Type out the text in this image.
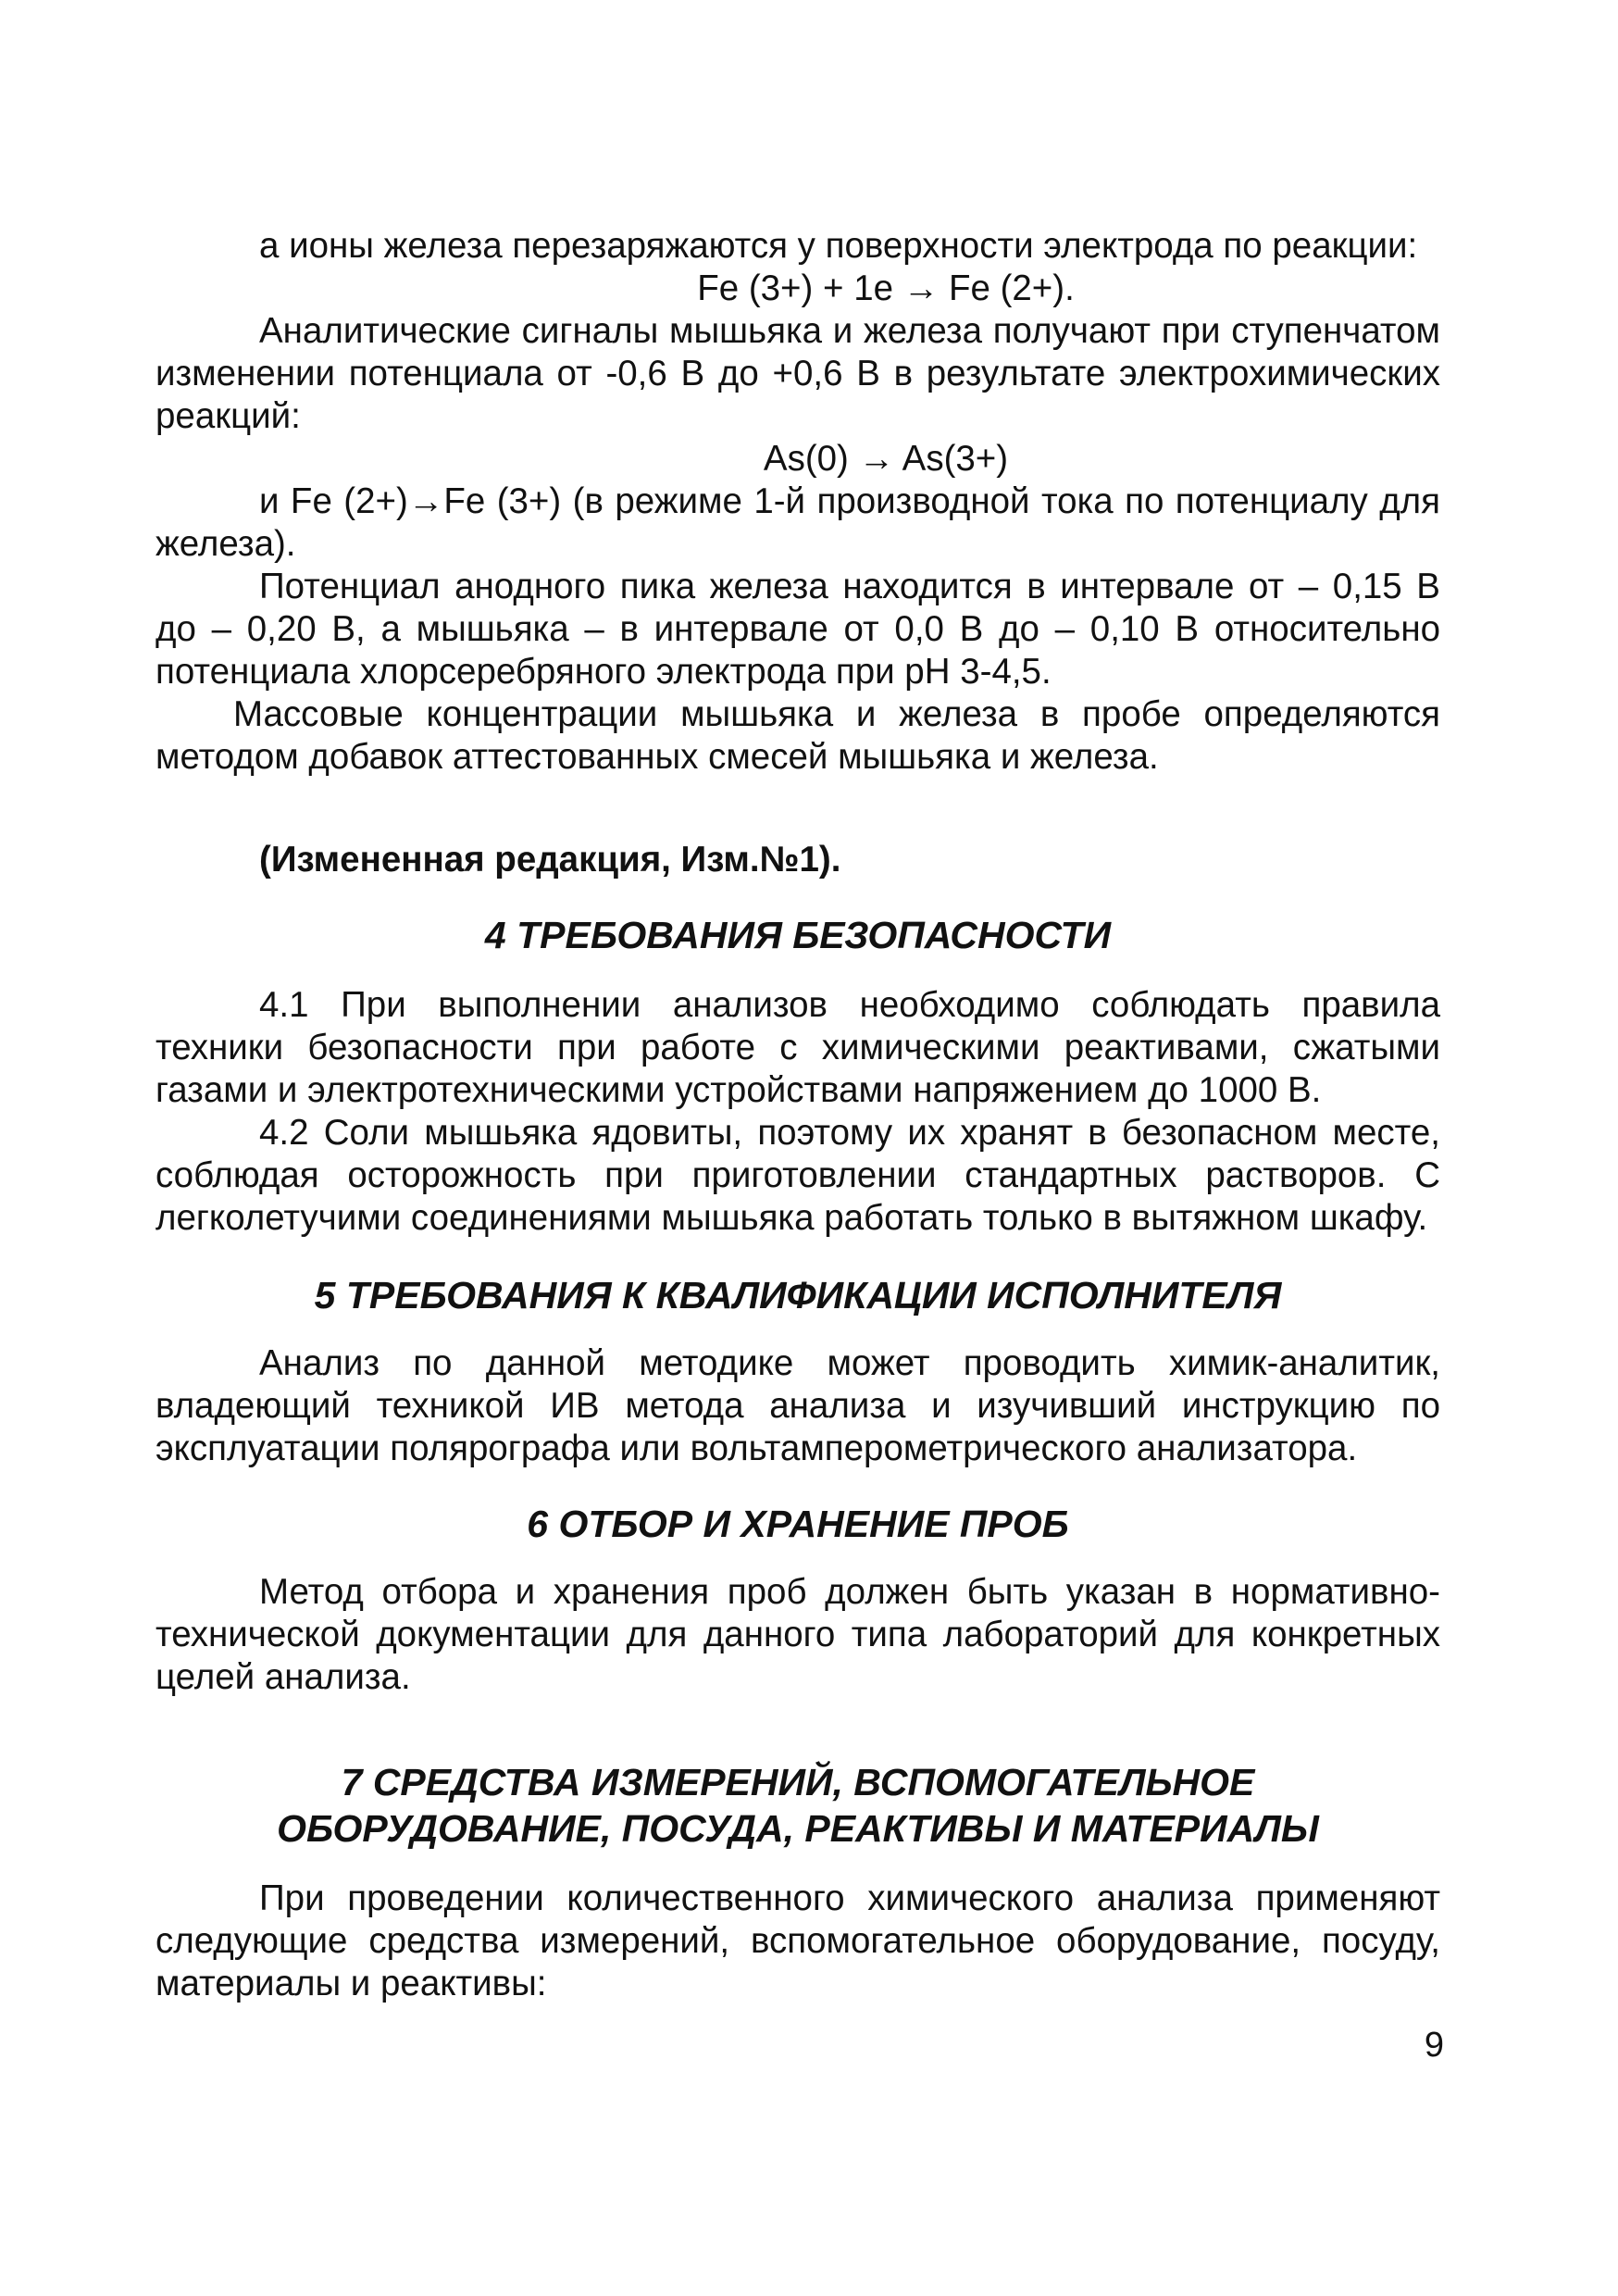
а ионы железа перезаряжаются у поверхности электрода по реакции:

Fe (3+) + 1e → Fe (2+).

Аналитические сигналы мышьяка и железа получают при ступенчатом изменении потенциала от -0,6 В до +0,6 В в результате электрохимических реакций:

As(0) → As(3+)

и Fe (2+)→Fe (3+) (в режиме 1-й производной тока по потенциалу для железа).

Потенциал анодного пика железа находится в интервале от – 0,15 В до – 0,20 В, а мышьяка – в интервале от 0,0 В до – 0,10 В относительно потенциала хлорсеребряного электрода при pH 3-4,5.

Массовые концентрации мышьяка и железа в пробе определяются методом добавок аттестованных смесей мышьяка и железа.

(Измененная редакция, Изм.№1).

4 ТРЕБОВАНИЯ БЕЗОПАСНОСТИ

4.1 При выполнении анализов необходимо соблюдать правила техники безопасности при работе с химическими реактивами, сжатыми газами и электротехническими устройствами напряжением до 1000 В.

4.2 Соли мышьяка ядовиты, поэтому их хранят в безопасном месте, соблюдая осторожность при приготовлении стандартных растворов. С легколетучими соединениями мышьяка работать только в вытяжном шкафу.

5 ТРЕБОВАНИЯ К КВАЛИФИКАЦИИ ИСПОЛНИТЕЛЯ

Анализ по данной методике может проводить химик-аналитик, владеющий техникой ИВ метода анализа и изучивший инструкцию по эксплуатации полярографа или вольтамперометрического анализатора.

6 ОТБОР И ХРАНЕНИЕ ПРОБ

Метод отбора и хранения проб должен быть указан в нормативно-технической документации для данного типа лабораторий для конкретных целей анализа.

7 СРЕДСТВА ИЗМЕРЕНИЙ, ВСПОМОГАТЕЛЬНОЕ
ОБОРУДОВАНИЕ, ПОСУДА, РЕАКТИВЫ И МАТЕРИАЛЫ

При проведении количественного химического анализа применяют следующие средства измерений, вспомогательное оборудование, посуду, материалы и реактивы:

9
